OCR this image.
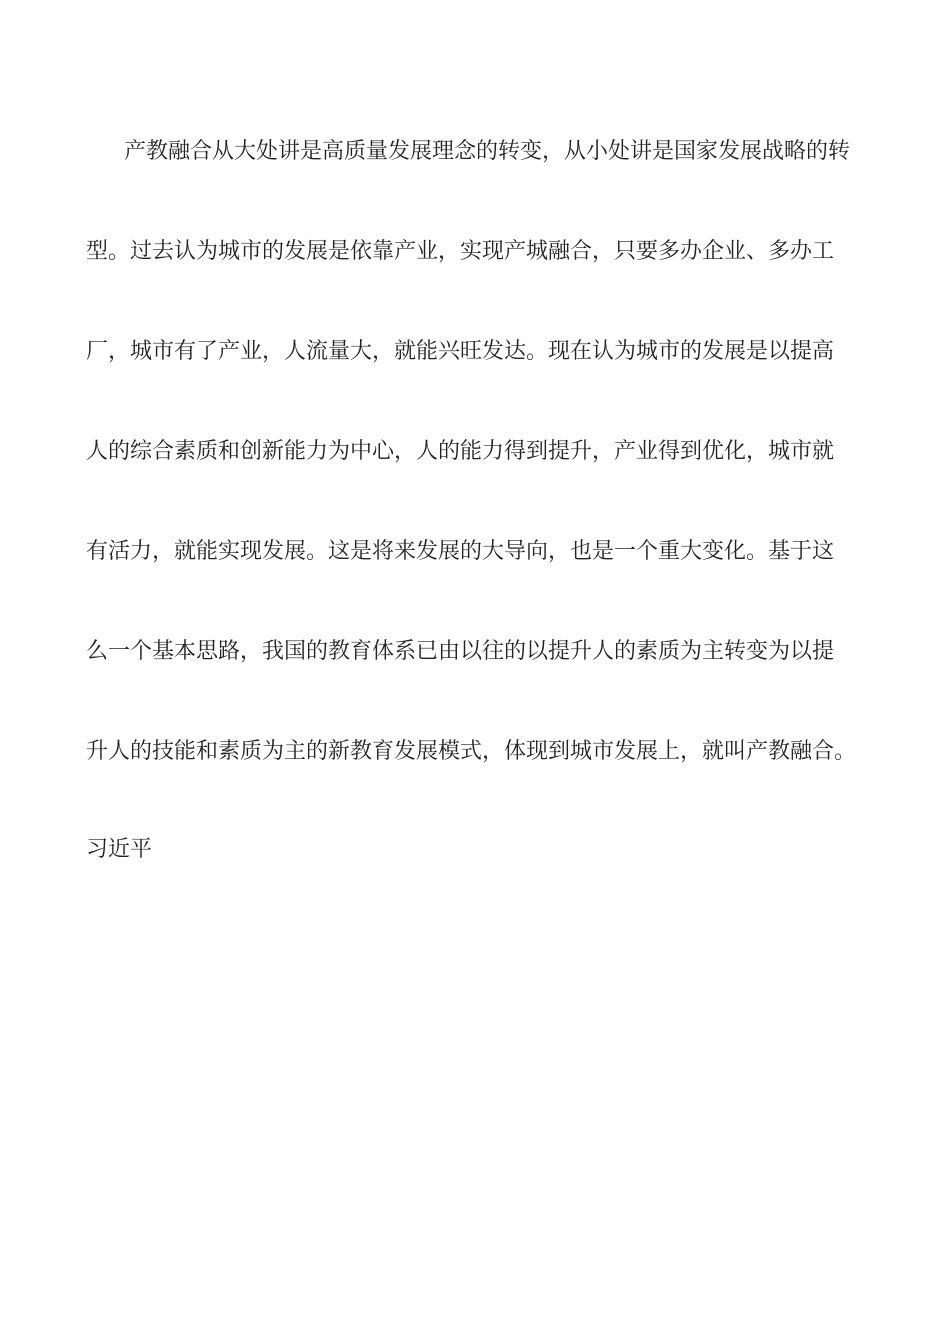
产教融合从大处讲是高质量发展理念的转变，从小处讲是国家发展战略的转
型。过去认为城市的发展是依靠产业，实现产城融合，只要多办企业、多办工
厂，城市有了产业，人流量大，就能兴旺发达。现在认为城市的发展是以提高
人的综合素质和创新能力为中心，人的能力得到提升，产业得到优化，城市就
有活力，就能实现发展。这是将来发展的大导向，也是一个重大变化。基于这
么一个基本思路，我国的教育体系已由以往的以提升人的素质为主转变为以提
升人的技能和素质为主的新教育发展模式，体现到城市发展上，就叫产教融合。
习近平
